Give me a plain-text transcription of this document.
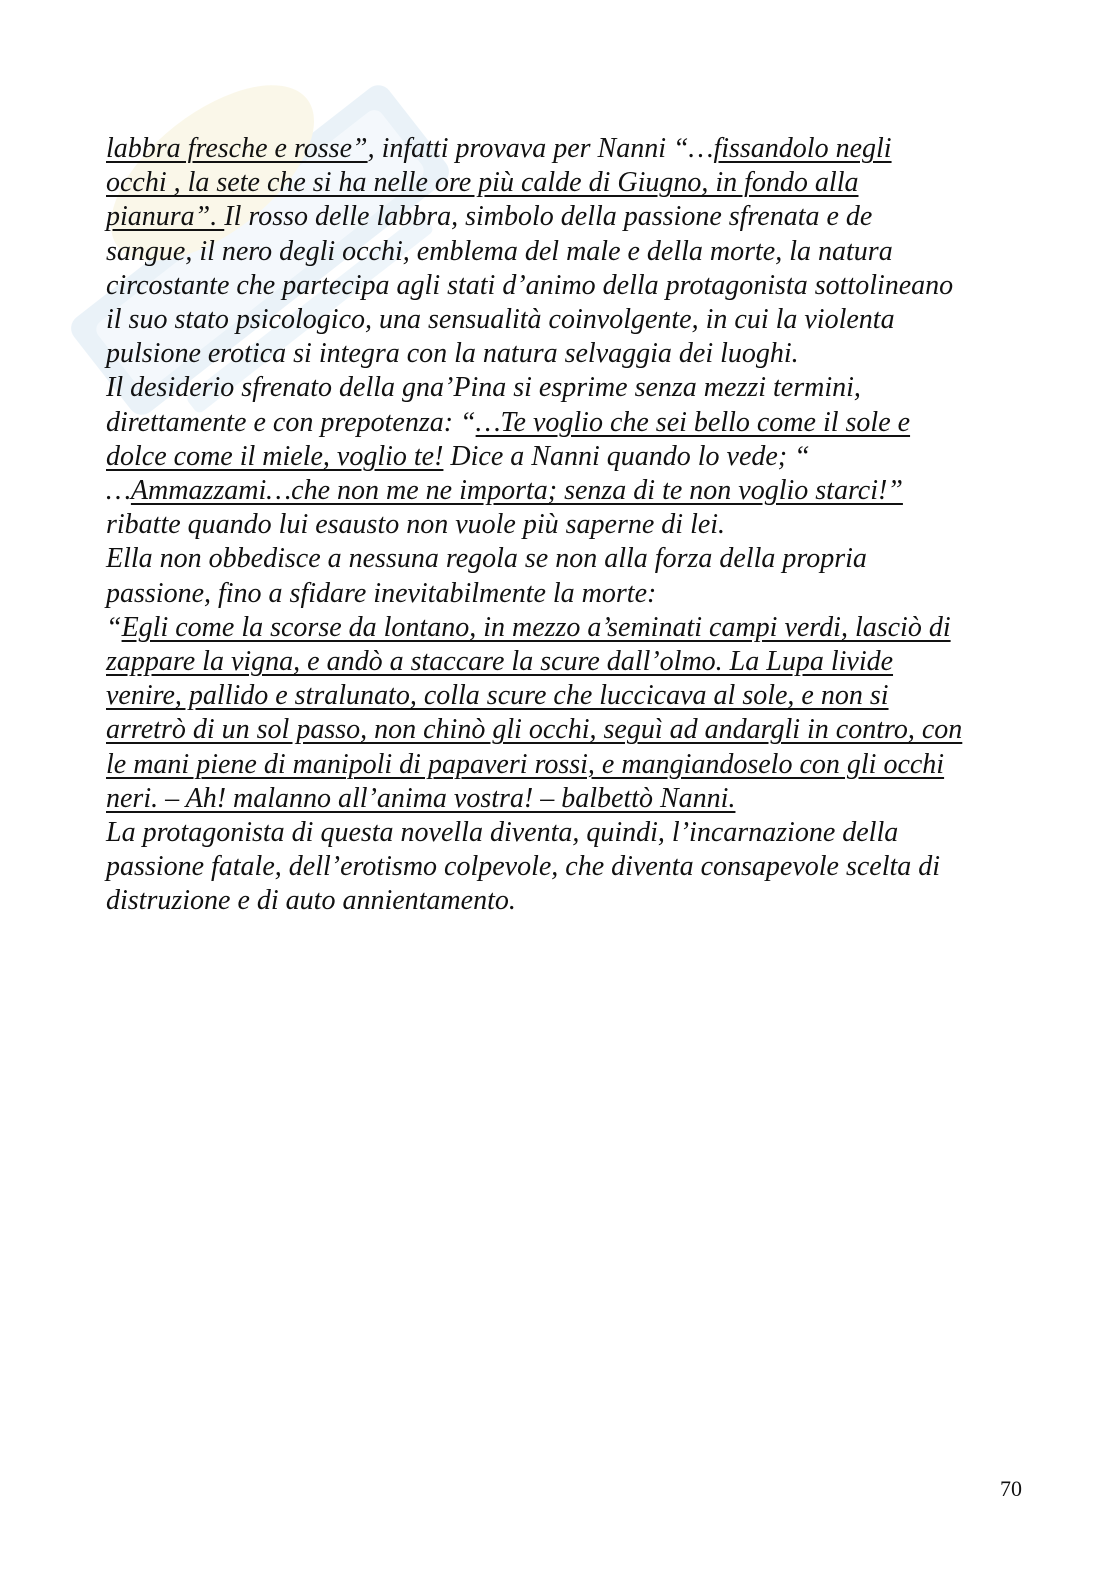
labbra fresche e rosse”, infatti provava per Nanni “…fissandolo negli

occhi , la sete che si ha nelle ore più calde di Giugno, in fondo alla

pianura”. Il rosso delle labbra, simbolo della passione sfrenata e de

sangue, il nero degli occhi, emblema del male e della morte, la natura

circostante che partecipa agli stati d’animo della protagonista sottolineano

il suo stato psicologico, una sensualità coinvolgente, in cui la violenta

pulsione erotica si integra con la natura selvaggia dei luoghi.

Il desiderio sfrenato della gna’Pina si esprime senza mezzi termini,

direttamente e con prepotenza: “…Te voglio che sei bello come il sole e

dolce come il miele, voglio te! Dice a Nanni quando lo vede; “

…Ammazzami…che non me ne importa; senza di te non voglio starci!”

ribatte quando lui esausto non vuole più saperne di lei.

Ella non obbedisce a nessuna regola se non alla forza della propria

passione, fino a sfidare inevitabilmente la morte:

“Egli come la scorse da lontano, in mezzo a’seminati campi verdi, lasciò di

zappare la vigna, e andò a staccare la scure dall’olmo. La Lupa livide

venire, pallido e stralunato, colla scure che luccicava al sole, e non si

arretrò di un sol passo, non chinò gli occhi, seguì ad andargli in contro, con

le mani piene di manipoli di papaveri rossi, e mangiandoselo con gli occhi

neri. – Ah! malanno all’anima vostra! – balbettò Nanni.

La protagonista di questa novella diventa, quindi, l’incarnazione della

passione fatale, dell’erotismo colpevole, che diventa consapevole scelta di

distruzione e di auto annientamento.

70
